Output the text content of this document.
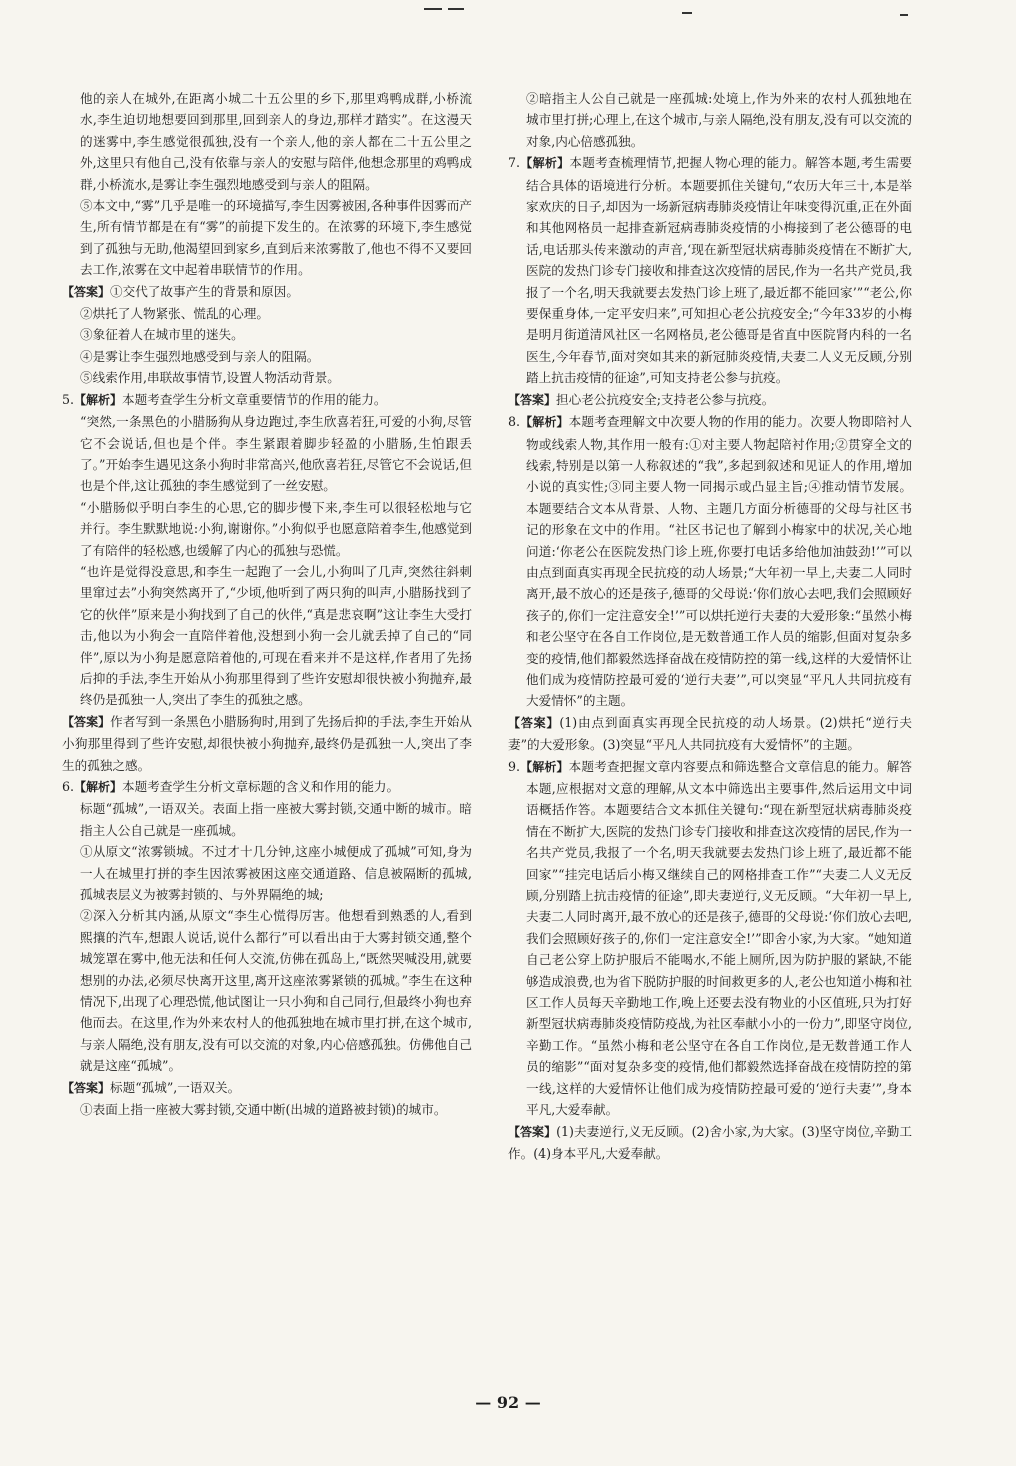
他的亲人在城外,在距离小城二十五公里的乡下,那里鸡鸭成群,小桥流水,李生迫切地想要回到那里,回到亲人的身边,那样才踏实”。在这漫天的迷雾中,李生感觉很孤独,没有一个亲人,他的亲人都在二十五公里之外,这里只有他自己,没有依靠与亲人的安慰与陪伴,他想念那里的鸡鸭成群,小桥流水,是雾让李生强烈地感受到与亲人的阻隔。
⑤本文中,“雾”几乎是唯一的环境描写,李生因雾被困,各种事件因雾而产生,所有情节都是在有“雾”的前提下发生的。在浓雾的环境下,李生感觉到了孤独与无助,他渴望回到家乡,直到后来浓雾散了,他也不得不又要回去工作,浓雾在文中起着串联情节的作用。
【答案】①交代了故事产生的背景和原因。
②烘托了人物紧张、慌乱的心理。
③象征着人在城市里的迷失。
④是雾让李生强烈地感受到与亲人的阻隔。
⑤线索作用,串联故事情节,设置人物活动背景。
5.【解析】本题考查学生分析文章重要情节的作用的能力。
“突然,一条黑色的小腊肠狗从身边跑过,李生欣喜若狂,可爱的小狗,尽管它不会说话,但也是个伴。李生紧跟着脚步轻盈的小腊肠,生怕跟丢了。”开始李生遇见这条小狗时非常高兴,他欣喜若狂,尽管它不会说话,但也是个伴,这让孤独的李生感觉到了一丝安慰。
“小腊肠似乎明白李生的心思,它的脚步慢下来,李生可以很轻松地与它并行。李生默默地说:小狗,谢谢你。”小狗似乎也愿意陪着李生,他感觉到了有陪伴的轻松感,也缓解了内心的孤独与恐慌。
“也许是觉得没意思,和李生一起跑了一会儿,小狗叫了几声,突然往斜刺里窜过去”小狗突然离开了,“少顷,他听到了两只狗的叫声,小腊肠找到了它的伙伴”原来是小狗找到了自己的伙伴,“真是悲哀啊”这让李生大受打击,他以为小狗会一直陪伴着他,没想到小狗一会儿就丢掉了自己的“同伴”,原以为小狗是愿意陪着他的,可现在看来并不是这样,作者用了先扬后抑的手法,李生开始从小狗那里得到了些许安慰却很快被小狗抛弃,最终仍是孤独一人,突出了李生的孤独之感。
【答案】作者写到一条黑色小腊肠狗时,用到了先扬后抑的手法,李生开始从小狗那里得到了些许安慰,却很快被小狗抛弃,最终仍是孤独一人,突出了李生的孤独之感。
6.【解析】本题考查学生分析文章标题的含义和作用的能力。
标题“孤城”,一语双关。表面上指一座被大雾封锁,交通中断的城市。暗指主人公自己就是一座孤城。
①从原文“浓雾锁城。不过才十几分钟,这座小城便成了孤城”可知,身为一人在城里打拼的李生因浓雾被困这座交通道路、信息被隔断的孤城,孤城表层义为被雾封锁的、与外界隔绝的城;
②深入分析其内涵,从原文“李生心慌得厉害。他想看到熟悉的人,看到熙攘的汽车,想跟人说话,说什么都行”可以看出由于大雾封锁交通,整个城笼罩在雾中,他无法和任何人交流,仿佛在孤岛上,“既然哭喊没用,就要想别的办法,必须尽快离开这里,离开这座浓雾紧锁的孤城。”李生在这种情况下,出现了心理恐慌,他试图让一只小狗和自己同行,但最终小狗也弃他而去。在这里,作为外来农村人的他孤独地在城市里打拼,在这个城市,与亲人隔绝,没有朋友,没有可以交流的对象,内心倍感孤独。仿佛他自己就是这座“孤城”。
【答案】标题“孤城”,一语双关。
①表面上指一座被大雾封锁,交通中断(出城的道路被封锁)的城市。
②暗指主人公自己就是一座孤城:处境上,作为外来的农村人孤独地在城市里打拼;心理上,在这个城市,与亲人隔绝,没有朋友,没有可以交流的对象,内心倍感孤独。
7.【解析】本题考查梳理情节,把握人物心理的能力。解答本题,考生需要结合具体的语境进行分析。本题要抓住关键句,“农历大年三十,本是举家欢庆的日子,却因为一场新冠病毒肺炎疫情让年味变得沉重,正在外面和其他网格员一起排查新冠病毒肺炎疫情的小梅接到了老公德哥的电话,电话那头传来激动的声音,‘现在新型冠状病毒肺炎疫情在不断扩大,医院的发热门诊专门接收和排查这次疫情的居民,作为一名共产党员,我报了一个名,明天我就要去发热门诊上班了,最近都不能回家’”“老公,你要保重身体,一定平安归来”,可知担心老公抗疫安全;“今年33岁的小梅是明月街道清风社区一名网格员,老公德哥是省直中医院肾内科的一名医生,今年春节,面对突如其来的新冠肺炎疫情,夫妻二人义无反顾,分别踏上抗击疫情的征途”,可知支持老公参与抗疫。
【答案】担心老公抗疫安全;支持老公参与抗疫。
8.【解析】本题考查理解文中次要人物的作用的能力。次要人物即陪衬人物或线索人物,其作用一般有:①对主要人物起陪衬作用;②贯穿全文的线索,特别是以第一人称叙述的“我”,多起到叙述和见证人的作用,增加小说的真实性;③同主要人物一同揭示或凸显主旨;④推动情节发展。本题要结合文本从背景、人物、主题几方面分析德哥的父母与社区书记的形象在文中的作用。“社区书记也了解到小梅家中的状况,关心地问道:‘你老公在医院发热门诊上班,你要打电话多给他加油鼓劲!’”可以由点到面真实再现全民抗疫的动人场景;“大年初一早上,夫妻二人同时离开,最不放心的还是孩子,德哥的父母说:‘你们放心去吧,我们会照顾好孩子的,你们一定注意安全!’”可以烘托逆行夫妻的大爱形象:“虽然小梅和老公坚守在各自工作岗位,是无数普通工作人员的缩影,但面对复杂多变的疫情,他们都毅然选择奋战在疫情防控的第一线,这样的大爱情怀让他们成为疫情防控最可爱的‘逆行夫妻’”,可以突显“平凡人共同抗疫有大爱情怀”的主题。
【答案】(1)由点到面真实再现全民抗疫的动人场景。(2)烘托“逆行夫妻”的大爱形象。(3)突显“平凡人共同抗疫有大爱情怀”的主题。
9.【解析】本题考查把握文章内容要点和筛选整合文章信息的能力。解答本题,应根据对文意的理解,从文本中筛选出主要事件,然后运用文中词语概括作答。本题要结合文本抓住关键句:“现在新型冠状病毒肺炎疫情在不断扩大,医院的发热门诊专门接收和排查这次疫情的居民,作为一名共产党员,我报了一个名,明天我就要去发热门诊上班了,最近都不能回家”“挂完电话后小梅又继续自己的网格排查工作”“夫妻二人义无反顾,分别踏上抗击疫情的征途”,即夫妻逆行,义无反顾。“大年初一早上,夫妻二人同时离开,最不放心的还是孩子,德哥的父母说:‘你们放心去吧,我们会照顾好孩子的,你们一定注意安全!’”即舍小家,为大家。“她知道自己老公穿上防护服后不能喝水,不能上厕所,因为防护服的紧缺,不能够造成浪费,也为省下脱防护服的时间救更多的人,老公也知道小梅和社区工作人员每天辛勤地工作,晚上还要去没有物业的小区值班,只为打好新型冠状病毒肺炎疫情防疫战,为社区奉献小小的一份力”,即坚守岗位,辛勤工作。“虽然小梅和老公坚守在各自工作岗位,是无数普通工作人员的缩影”“面对复杂多变的疫情,他们都毅然选择奋战在疫情防控的第一线,这样的大爱情怀让他们成为疫情防控最可爱的‘逆行夫妻’”,身本平凡,大爱奉献。
【答案】(1)夫妻逆行,义无反顾。(2)舍小家,为大家。(3)坚守岗位,辛勤工作。(4)身本平凡,大爱奉献。
— 92 —
